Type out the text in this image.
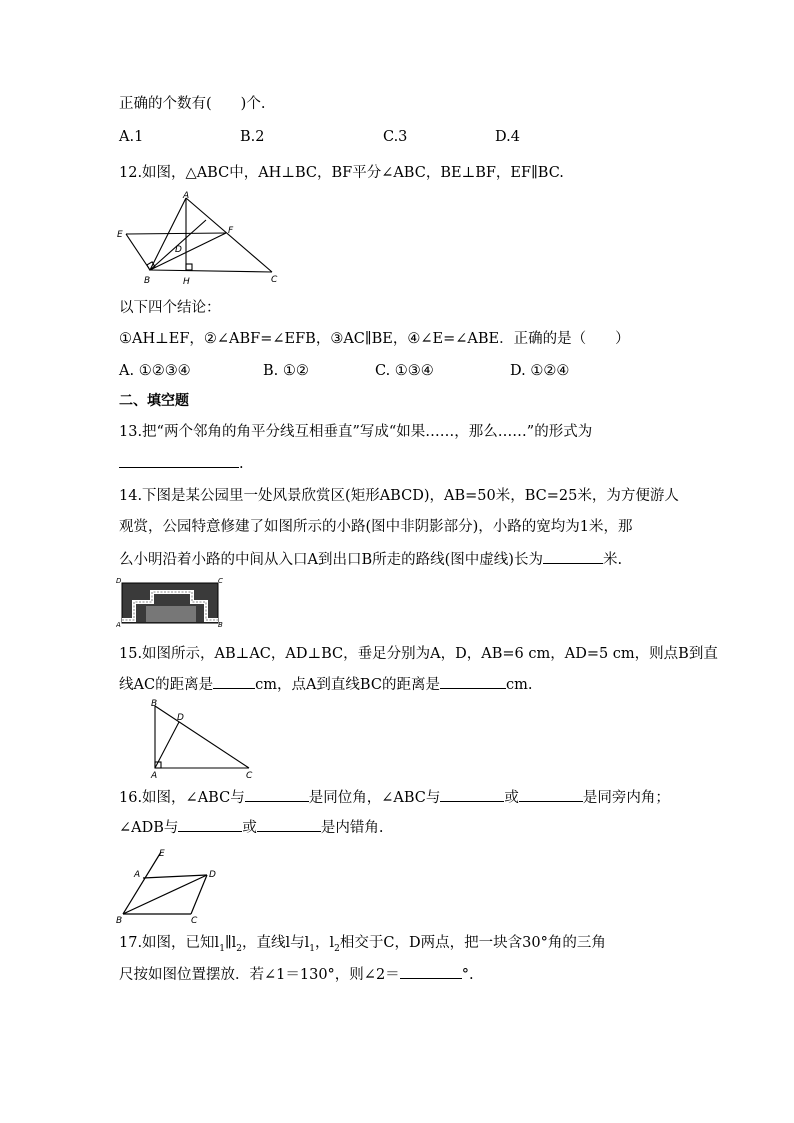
正确的个数有(　　)个.
A.1	B.2	C.3	D.4
12.如图，△ABC中，AH⊥BC，BF平分∠ABC，BE⊥BF，EF∥BC.
A
E	F
D
B	H	C
以下四个结论：
①AH⊥EF，②∠ABF=∠EFB，③AC∥BE，④∠E=∠ABE．正确的是（　　）
A. ①②③④	B. ①②	C. ①③④	D. ①②④
二、填空题
13.把“两个邻角的角平分线互相垂直”写成“如果……，那么……”的形式为
.
14.下图是某公园里一处风景欣赏区(矩形ABCD)，AB=50米，BC=25米，为方便游人
观赏，公园特意修建了如图所示的小路(图中非阴影部分)，小路的宽均为1米，那
么小明沿着小路的中间从入口A到出口B所走的路线(图中虚线)长为	米.
D	C
A	B
15.如图所示，AB⊥AC，AD⊥BC，垂足分别为A，D，AB=6 cm，AD=5 cm，则点B到直
线AC的距离是	cm，点A到直线BC的距离是	cm.
B
D
A	C
16.如图，∠ABC与	是同位角，∠ABC与	或	是同旁内角；
∠ADB与	或	是内错角.
E
A	D
B	C
17.如图，已知$l_1\parallel l_2$，直线l与$l_1$，$l_2$相交于C，D两点，把一块含30°角的三角
尺按如图位置摆放．若∠1＝130°，则∠2＝	°.
